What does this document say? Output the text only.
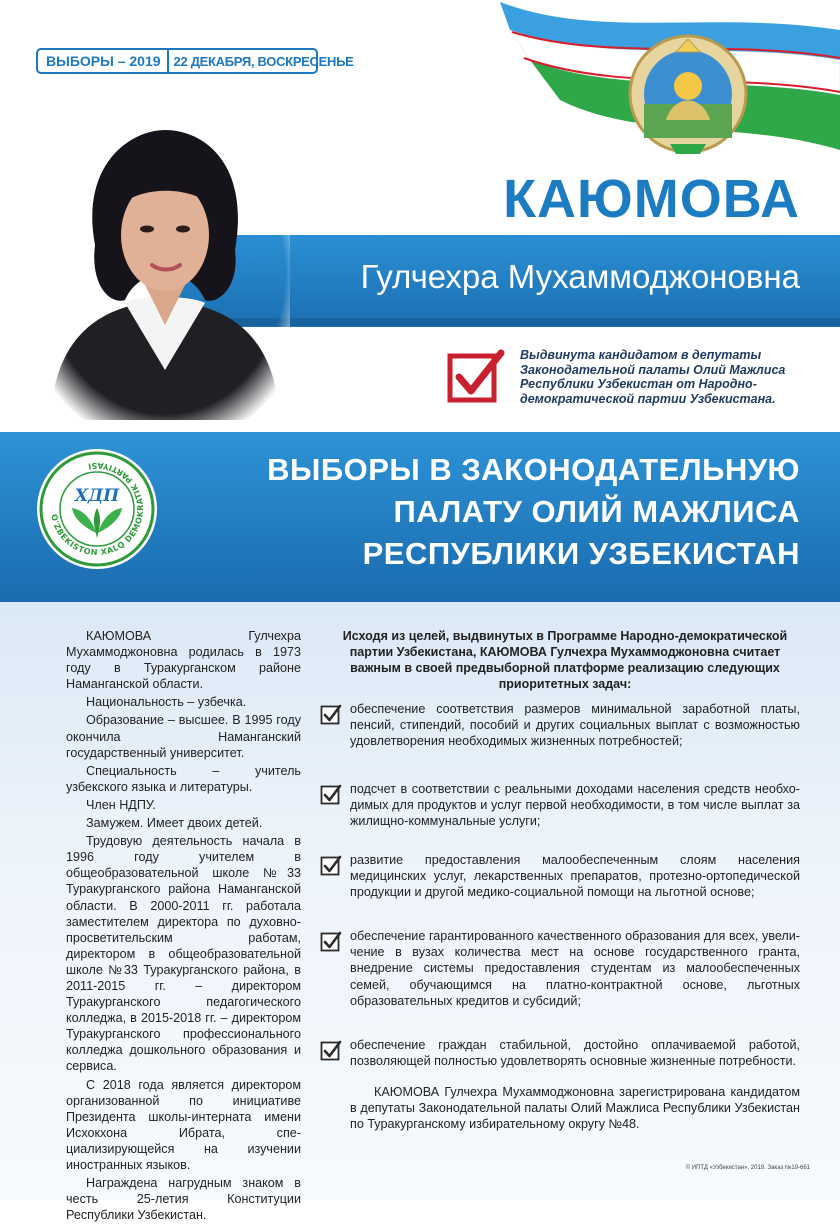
ВЫБОРЫ – 2019	22 ДЕКАБРЯ, ВОСКРЕСЕНЬЕ
КАЮМОВА
Гулчехра Мухаммоджоновна
Выдвинута кандидатом в депутаты Законодательной палаты Олий Мажлиса Республики Узбекистан от Народно-демократической партии Узбекистана.
ВЫБОРЫ В ЗАКОНОДАТЕЛЬНУЮ
ПАЛАТУ ОЛИЙ МАЖЛИСА
РЕСПУБЛИКИ УЗБЕКИСТАН
O'ZBEKISTON XALQ DEMOKRATIK PARTIYASI
ХДП

КАЮМОВА Гулчехра Мухаммоджоновна родилась в 1973 году в Туракурганском районе Наманганской области.

Национальность – узбечка.

Образование – высшее. В 1995 году окончила Наманганский государственный университет.

Специальность – учитель узбекского языка и литературы.

Член НДПУ.

Замужем. Имеет двоих детей.

Трудовую деятельность начала в 1996 году учителем в общеобразовательной школе №33 Туракурганского района Наманганской области. В 2000-2011 гг. работала заместителем директора по духовно-просветительским работам, директором в общеобразовательной школе №33 Туракурганского района, в 2011-2015 гг. – директором Туракурганского педагогического колледжа, в 2015-2018 гг. – директором Туракурганского профессионального колледжа дошкольного образования и сервиса.

С 2018 года является директором организованной по инициативе Президента школы-интерната имени Исхокхона Ибрата, специализирующейся на изучении иностранных языков.

Награждена нагрудным знаком в честь 25-летия Конституции Республики Узбекистан.

Исходя из целей, выдвинутых в Программе Народно-демократической партии Узбекистана, КАЮМОВА Гулчехра Мухаммоджоновна считает важным в своей предвыборной платформе реализацию следующих приоритетных задач:
обеспечение соответствия размеров минимальной заработной платы, пенсий, стипендий, пособий и других социальных выплат с возможностью удовлетворения необходимых жизненных потребностей;
подсчет в соответствии с реальными доходами населения средств необходимых для продуктов и услуг первой необходимости, в том числе выплат за жилищно-коммунальные услуги;
развитие предоставления малообеспеченным слоям населения медицинских услуг, лекарственных препаратов, протезно-ортопедической продукции и другой медико-социальной помощи на льготной основе;
обеспечение гарантированного качественного образования для всех, увеличение в вузах количества мест на основе государственного гранта, внедрение системы предоставления студентам из малообеспеченных семей, обучающимся на платно-контрактной основе, льготных образовательных кредитов и субсидий;
обеспечение граждан стабильной, достойно оплачиваемой работой, позволяющей полностью удовлетворять основные жизненные потребности.
КАЮМОВА Гулчехра Мухаммоджоновна зарегистрирована кандидатом в депутаты Законодательной палаты Олий Мажлиса Республики Узбекистан по Туракурганскому избирательному округу №48.
© ИПТД «Узбекистан», 2019. Заказ №19-661
